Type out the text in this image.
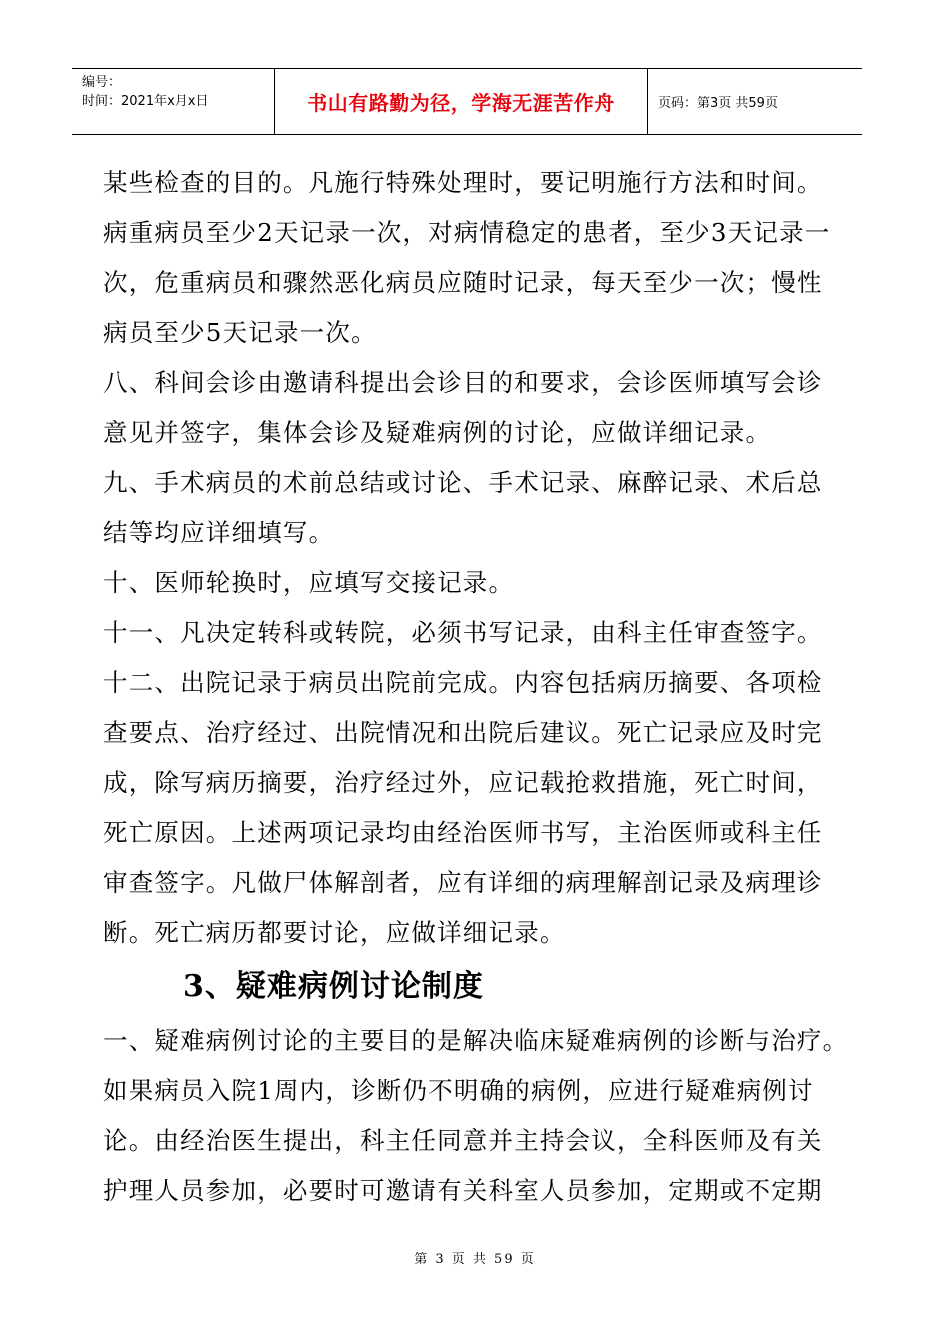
编号：
时间：2021年x月x日	书山有路勤为径，学海无涯苦作舟	页码：第3页 共59页
某些检查的目的。凡施行特殊处理时，要记明施行方法和时间。
病重病员至少2天记录一次，对病情稳定的患者，至少3天记录一
次，危重病员和骤然恶化病员应随时记录，每天至少一次；慢性
病员至少5天记录一次。
八、科间会诊由邀请科提出会诊目的和要求，会诊医师填写会诊
意见并签字，集体会诊及疑难病例的讨论，应做详细记录。
九、手术病员的术前总结或讨论、手术记录、麻醉记录、术后总
结等均应详细填写。
十、医师轮换时，应填写交接记录。
十一、凡决定转科或转院，必须书写记录，由科主任审查签字。
十二、出院记录于病员出院前完成。内容包括病历摘要、各项检
查要点、治疗经过、出院情况和出院后建议。死亡记录应及时完
成，除写病历摘要，治疗经过外，应记载抢救措施，死亡时间，
死亡原因。上述两项记录均由经治医师书写，主治医师或科主任
审查签字。凡做尸体解剖者，应有详细的病理解剖记录及病理诊
断。死亡病历都要讨论，应做详细记录。
3、疑难病例讨论制度
一、疑难病例讨论的主要目的是解决临床疑难病例的诊断与治疗。
如果病员入院1周内，诊断仍不明确的病例，应进行疑难病例讨
论。由经治医生提出，科主任同意并主持会议，全科医师及有关
护理人员参加，必要时可邀请有关科室人员参加，定期或不定期
第 3 页 共 59 页
